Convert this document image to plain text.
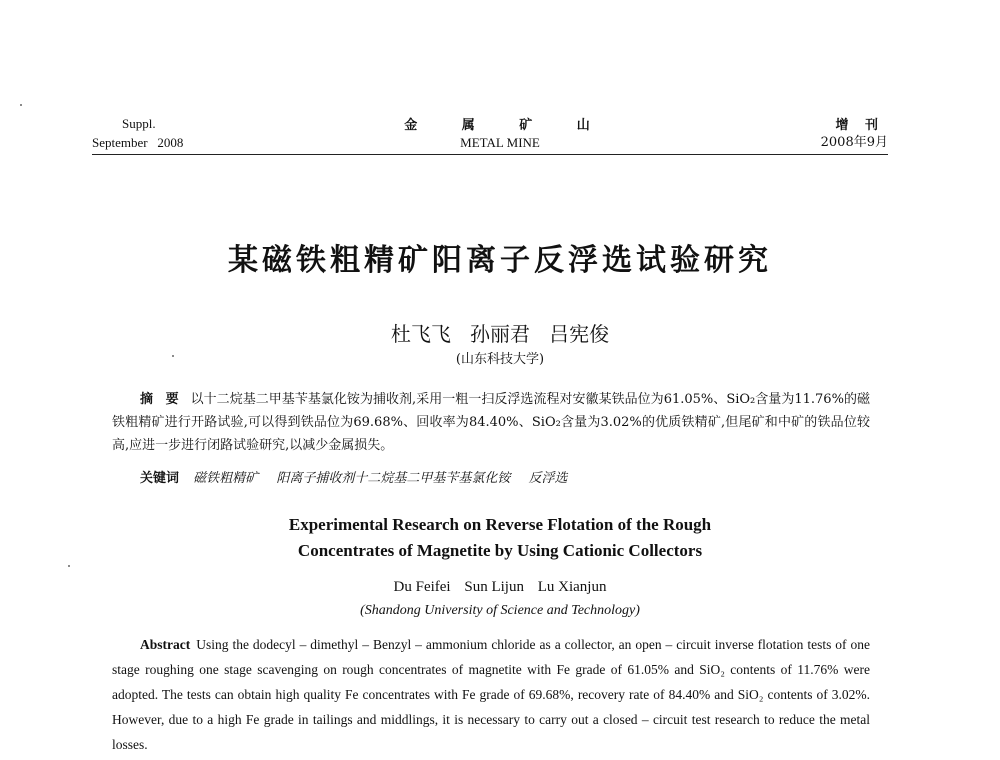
Suppl.
September   2008
金 属 矿 山
METAL MINE
增 刊
2008年9月
某磁铁粗精矿阳离子反浮选试验研究
杜飞飞   孙丽君   吕宪俊
(山东科技大学)
摘 要 以十二烷基二甲基苄基氯化铵为捕收剂,采用一粗一扫反浮选流程对安徽某铁品位为61.05%、SiO₂含量为11.76%的磁铁粗精矿进行开路试验,可以得到铁品位为69.68%、回收率为84.40%、SiO₂含量为3.02%的优质铁精矿,但尾矿和中矿的铁品位较高,应进一步进行闭路试验研究,以减少金属损失。
关键词 磁铁粗精矿 阳离子捕收剂十二烷基二甲基苄基氯化铵 反浮选
Experimental Research on Reverse Flotation of the Rough
Concentrates of Magnetite by Using Cationic Collectors
Du Feifei Sun Lijun Lu Xianjun
(Shandong University of Science and Technology)
Abstract Using the dodecyl – dimethyl – Benzyl – ammonium chloride as a collector, an open – circuit inverse flotation tests of one stage roughing one stage scavenging on rough concentrates of magnetite with Fe grade of 61.05% and SiO₂ contents of 11.76% were adopted. The tests can obtain high quality Fe concentrates with Fe grade of 69.68%, recovery rate of 84.40% and SiO₂ contents of 3.02%. However, due to a high Fe grade in tailings and middlings, it is necessary to carry out a closed – circuit test research to reduce the metal losses.
